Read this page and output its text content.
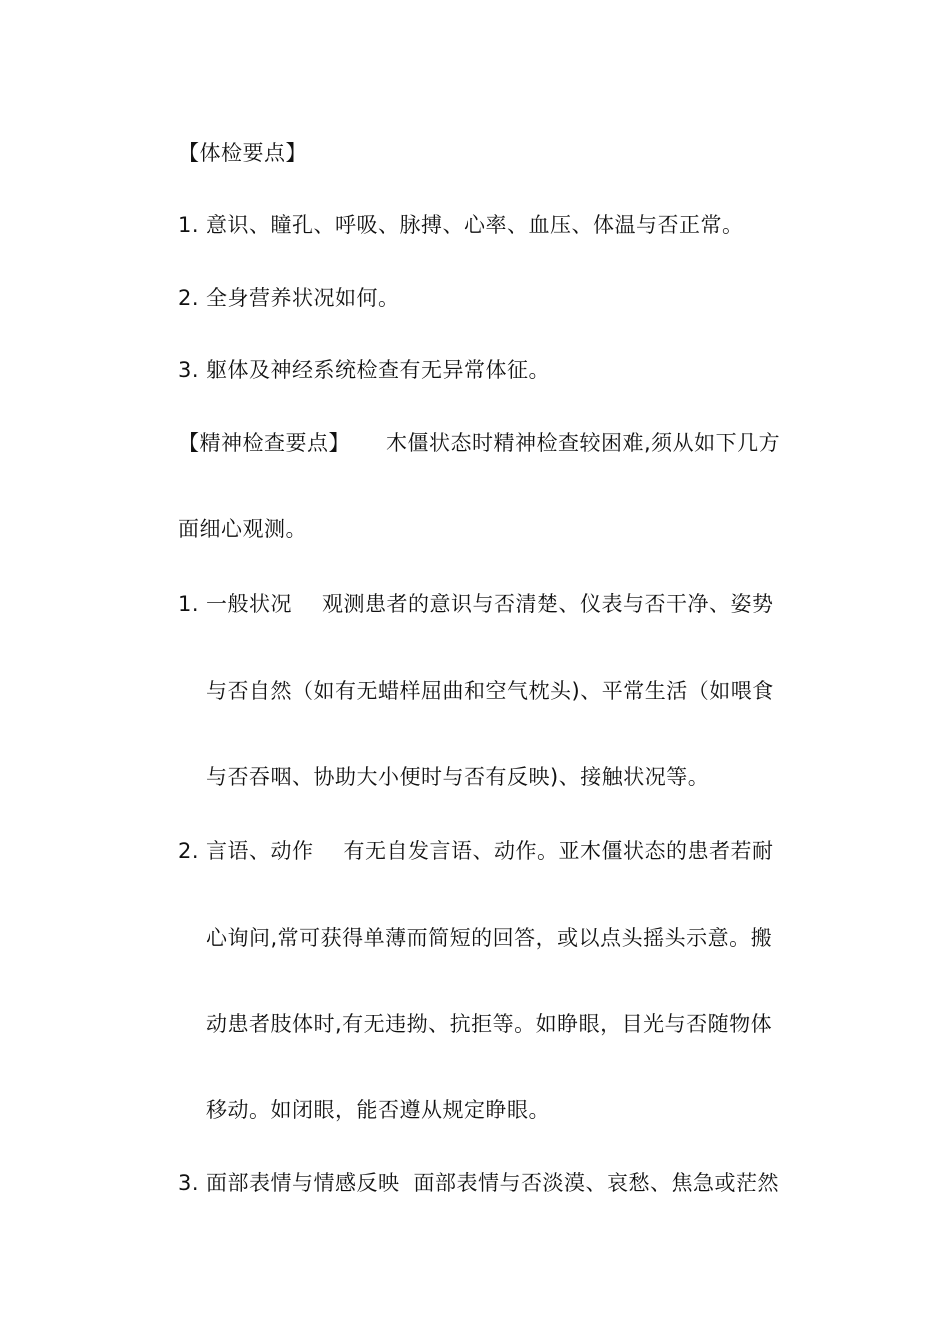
【体检要点】
1. 意识、瞳孔、呼吸、脉搏、心率、血压、体温与否正常。
2. 全身营养状况如何。
3. 躯体及神经系统检查有无异常体征。
【精神检查要点】 木僵状态时精神检查较困难,须从如下几方
面细心观测。
1. 一般状况 观测患者的意识与否清楚、仪表与否干净、姿势
与否自然（如有无蜡样屈曲和空气枕头)、平常生活（如喂食
与否吞咽、协助大小便时与否有反映)、接触状况等。
2. 言语、动作 有无自发言语、动作。亚木僵状态的患者若耐
心询问,常可获得单薄而简短的回答，或以点头摇头示意。搬
动患者肢体时,有无违拗、抗拒等。如睁眼，目光与否随物体
移动。如闭眼，能否遵从规定睁眼。
3. 面部表情与情感反映 面部表情与否淡漠、哀愁、焦急或茫然
